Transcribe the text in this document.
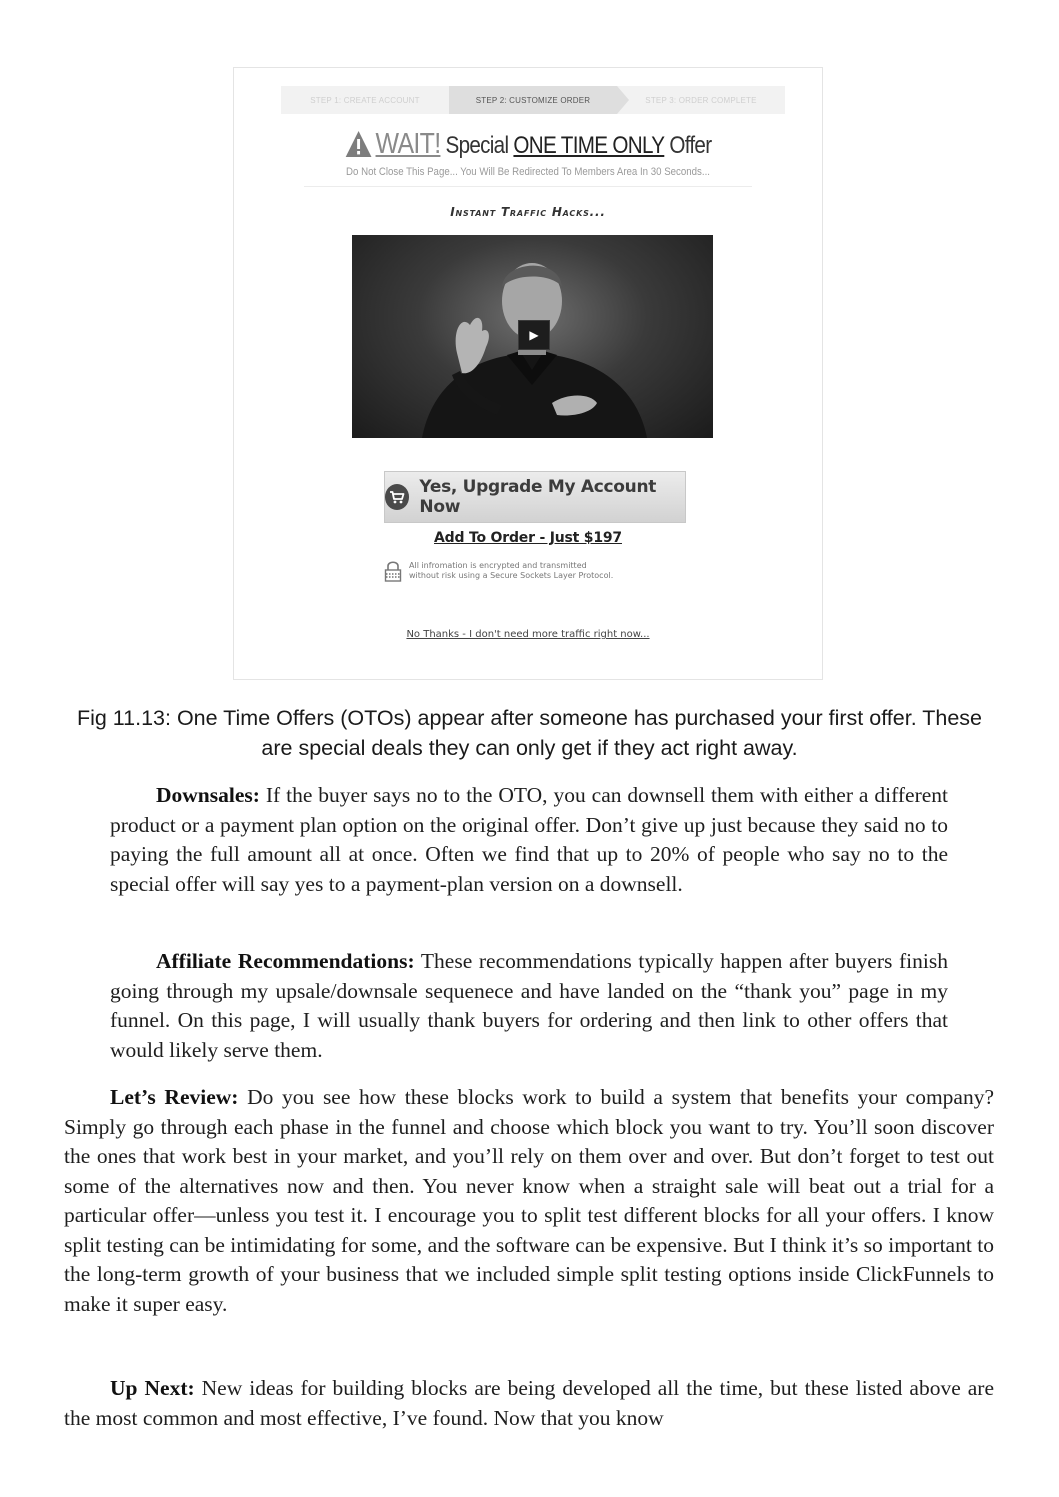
STEP 1: CREATE ACCOUNT	STEP 2: CUSTOMIZE ORDER	STEP 3: ORDER COMPLETE
WAIT! Special ONE TIME ONLY Offer
Do Not Close This Page... You Will Be Redirected To Members Area In 30 Seconds...
Instant Traffic Hacks...
▶
Yes, Upgrade My Account Now
Add To Order - Just $197
All infromation is encrypted and transmitted
without risk using a Secure Sockets Layer Protocol.
No Thanks - I don't need more traffic right now...
Fig 11.13: One Time Offers (OTOs) appear after someone has purchased your first offer. These are special deals they can only get if they act right away.

Downsales: If the buyer says no to the OTO, you can downsell them with either a different product or a payment plan option on the original offer. Don’t give up just because they said no to paying the full amount all at once. Often we find that up to 20% of people who say no to the special offer will say yes to a payment-plan version on a downsell.

Affiliate Recommendations: These recommendations typically happen after buyers finish going through my upsale/downsale sequenece and have landed on the “thank you” page in my funnel. On this page, I will usually thank buyers for ordering and then link to other offers that would likely serve them.

Let’s Review: Do you see how these blocks work to build a system that benefits your company? Simply go through each phase in the funnel and choose which block you want to try. You’ll soon discover the ones that work best in your market, and you’ll rely on them over and over. But don’t forget to test out some of the alternatives now and then. You never know when a straight sale will beat out a trial for a particular offer—unless you test it. I encourage you to split test different blocks for all your offers. I know split testing can be intimidating for some, and the software can be expensive. But I think it’s so important to the long-term growth of your business that we included simple split testing options inside ClickFunnels to make it super easy.

Up Next: New ideas for building blocks are being developed all the time, but these listed above are the most common and most effective, I’ve found. Now that you know
